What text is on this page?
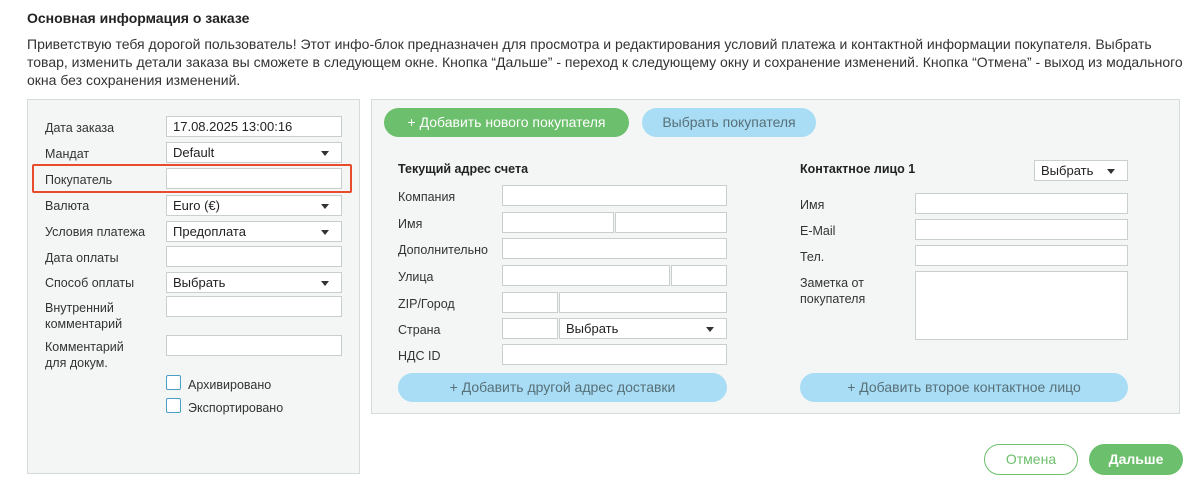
Основная информация о заказе
Приветствую тебя дорогой пользователь! Этот инфо-блок предназначен для просмотра и редактирования условий платежа и контактной информации покупателя. Выбрать товар, изменить детали заказа вы сможете в следующем окне. Кнопка “Дальше” - переход к следующему окну и сохранение изменений. Кнопка “Отмена” - выход из модального окна без сохранения изменений.
Дата заказа	17.08.2025 13:00:16
Мандат	Default
Покупатель
Валюта	Euro (€)
Условия платежа	Предоплата
Дата оплаты
Способ оплаты	Выбрать
Внутренний
комментарий
Комментарий
для докум.
Архивировано
Экспортировано
+ Добавить нового покупателя	Выбрать покупателя
Текущий адрес счета
Компания
Имя
Дополнительно
Улица
ZIP/Город
Страна	Выбрать
НДС ID
+ Добавить другой адрес доставки
Контактное лицо 1	Выбрать
Имя
E-Mail
Тел.
Заметка от
покупателя
+ Добавить второе контактное лицо
Отмена	Дальше
